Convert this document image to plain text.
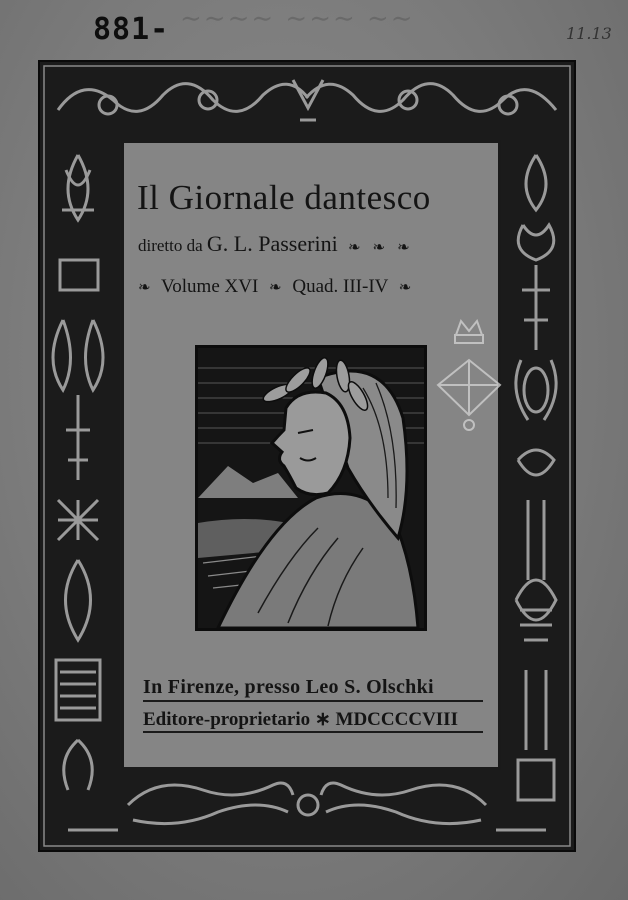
881- ∼∼∼∼ ∼∼∼ ∼∼	11.13
Il Giornale dantesco
diretto da G. L. Passerini ❧ ❧ ❧
❧ Volume XVI ❧ Quad. III-IV ❧
In Firenze, presso Leo S. Olschki
Editore-proprietario ∗ MDCCCCVIII
